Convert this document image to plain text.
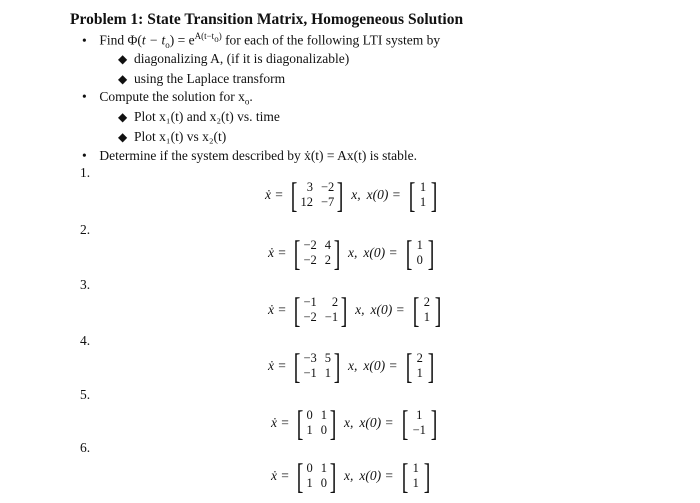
Problem 1: State Transition Matrix, Homogeneous Solution
• Find $\Phi(t - t_o) = e^{A(t-t_o)}$ for each of the following LTI system by
◆ diagonalizing A, (if it is diagonalizable)
◆ using the Laplace transform
• Compute the solution for $x_o$.
◆ Plot x₁(t) and x₂(t) vs. time
◆ Plot x₁(t) vs x₂(t)
• Determine if the system described by ẋ(t) = Ax(t) is stable.
1.
ẋ = [ 3 −2
12 −7 ] x, x(0) = [ 1
1 ]
2.
ẋ = [ −2 4
−2 2 ] x, x(0) = [ 1
0 ]
3.
ẋ = [ −1	2
−2 −1 ] x, x(0) = [ 2
1 ]
4.
ẋ = [ −3 5
−1 1 ] x, x(0) = [ 2
1 ]
5.
ẋ = [ 0 1
1 0 ] x, x(0) = [ 1
−1 ]
6.
ẋ = [ 0 1
1 0 ] x, x(0) = [ 1
1 ]
